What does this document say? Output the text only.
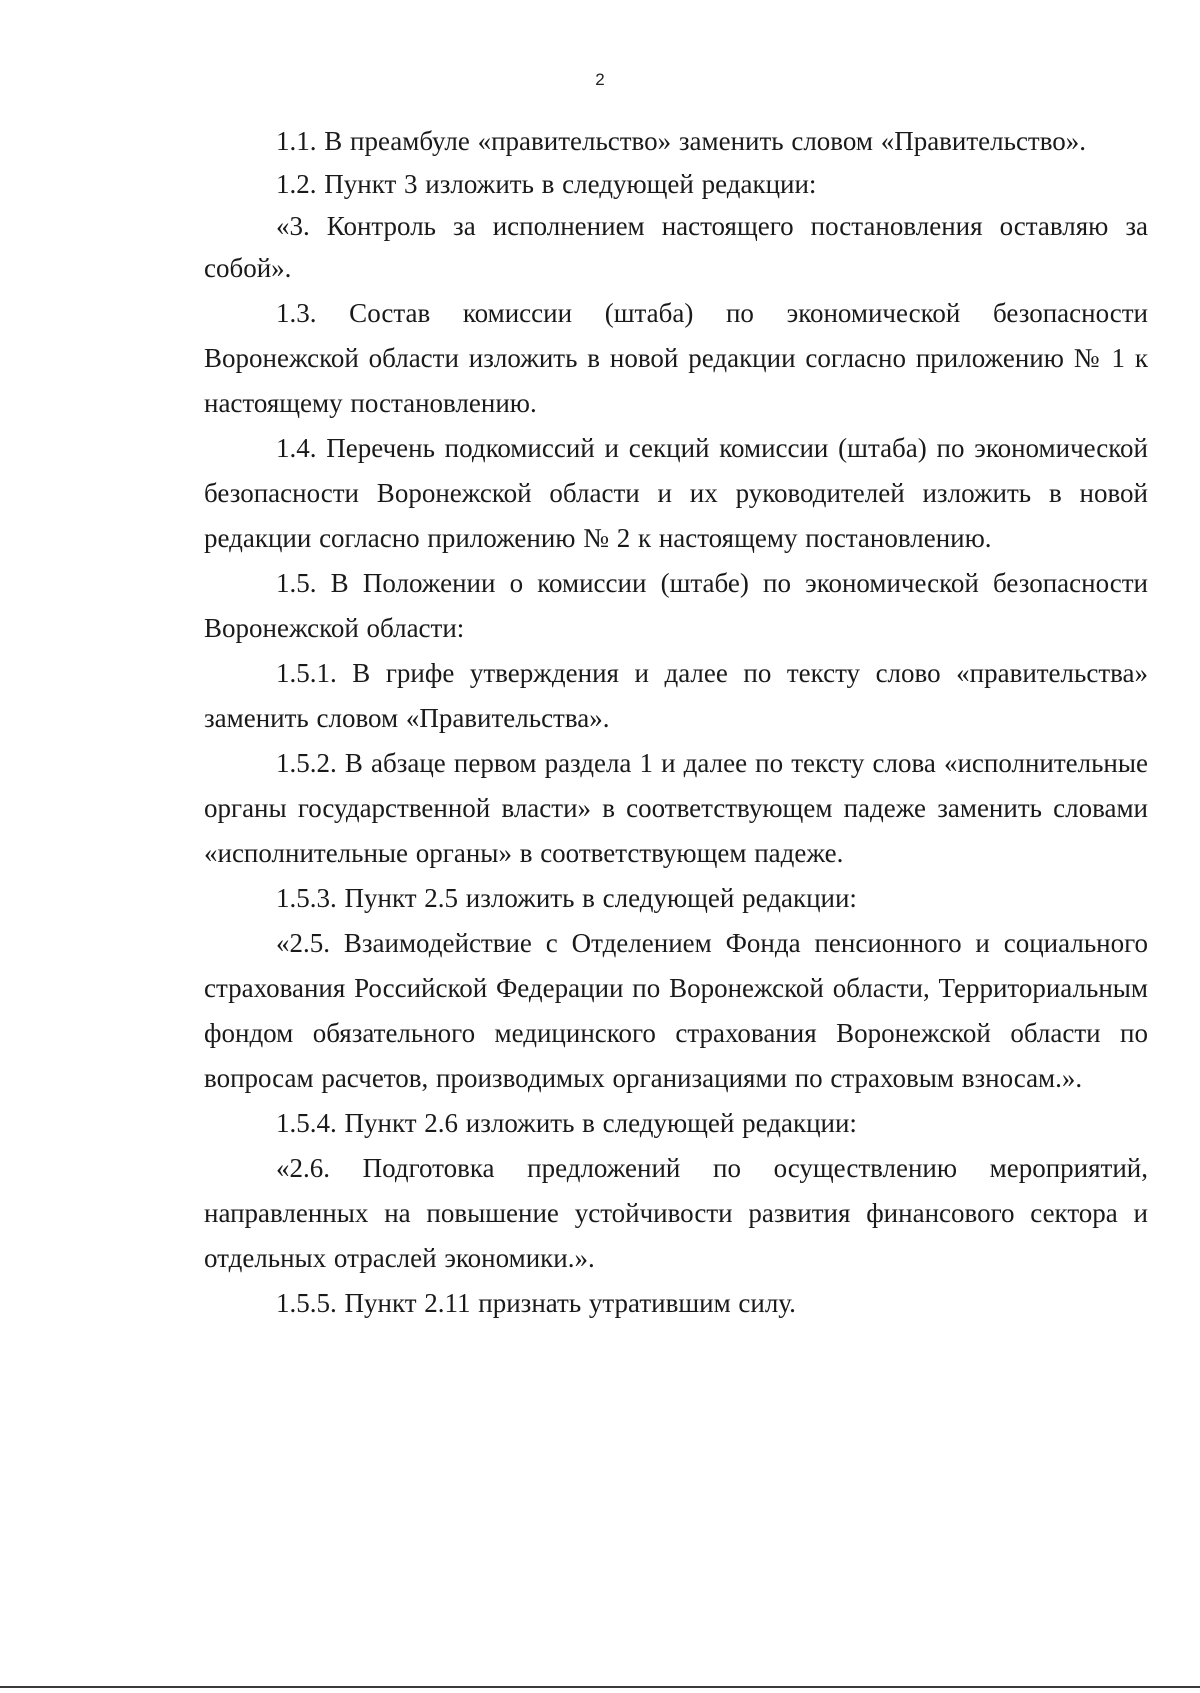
2

1.1. В преамбуле «правительство» заменить словом «Правительство».

1.2. Пункт 3 изложить в следующей редакции:

«3. Контроль за исполнением настоящего постановления оставляю за собой».

1.3. Состав комиссии (штаба) по экономической безопасности Воронежской области изложить в новой редакции согласно приложению № 1 к настоящему постановлению.

1.4. Перечень подкомиссий и секций комиссии (штаба) по экономической безопасности Воронежской области и их руководителей изложить в новой редакции согласно приложению № 2 к настоящему постановлению.

1.5. В Положении о комиссии (штабе) по экономической безопасности Воронежской области:

1.5.1. В грифе утверждения и далее по тексту слово «правительства» заменить словом «Правительства».

1.5.2. В абзаце первом раздела 1 и далее по тексту слова «исполнительные органы государственной власти» в соответствующем падеже заменить словами «исполнительные органы» в соответствующем падеже.

1.5.3. Пункт 2.5 изложить в следующей редакции:

«2.5. Взаимодействие с Отделением Фонда пенсионного и социального страхования Российской Федерации по Воронежской области, Территориальным фондом обязательного медицинского страхования Воронежской области по вопросам расчетов, производимых организациями по страховым взносам.».

1.5.4. Пункт 2.6 изложить в следующей редакции:

«2.6. Подготовка предложений по осуществлению мероприятий, направленных на повышение устойчивости развития финансового сектора и отдельных отраслей экономики.».

1.5.5. Пункт 2.11 признать утратившим силу.
